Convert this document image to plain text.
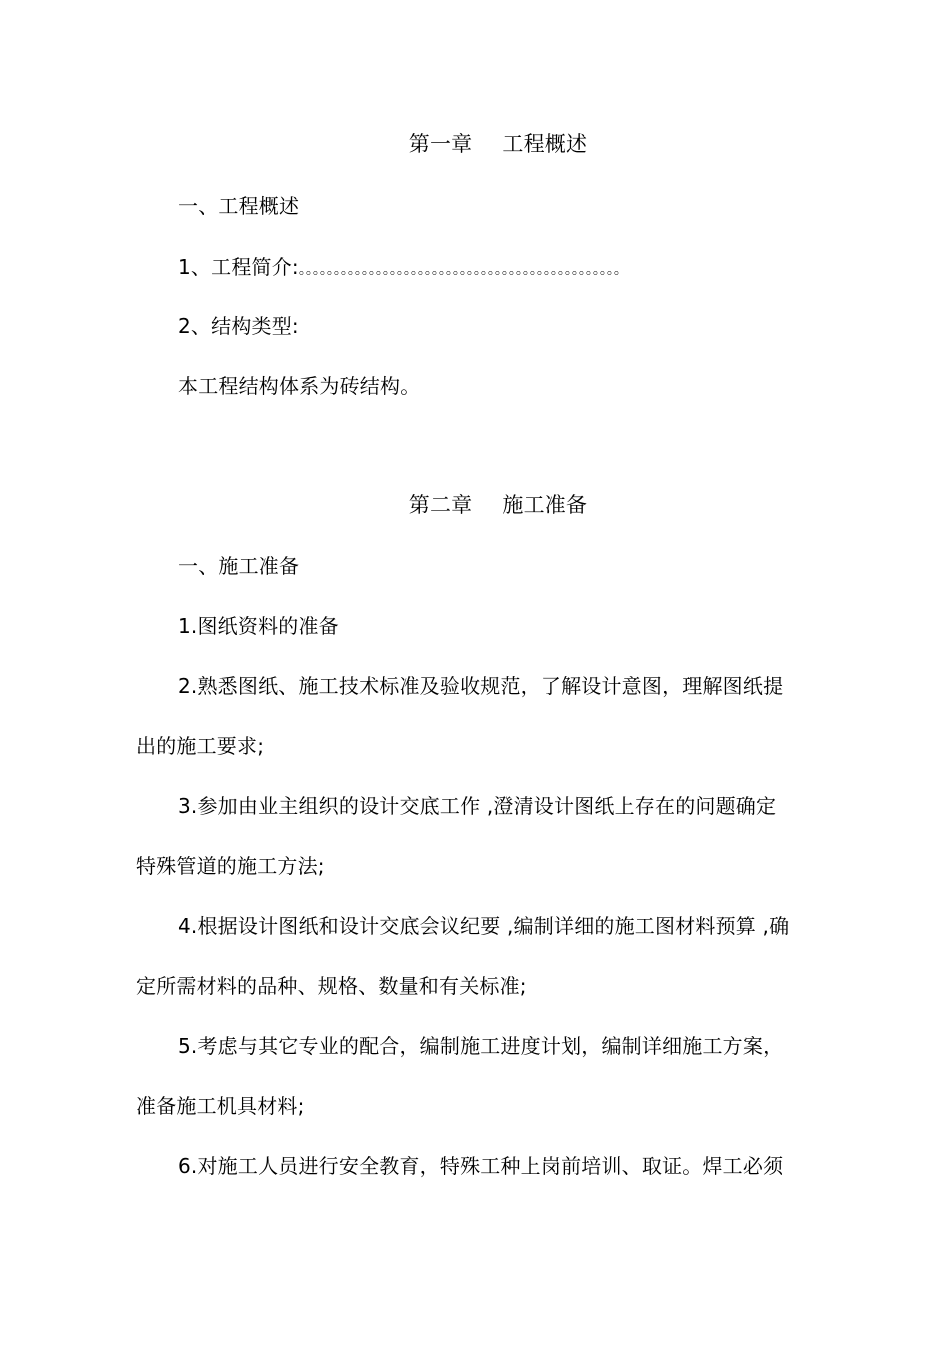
第一章 工程概述
一、工程概述
1、工程简介:。。。。。。。。。。。。。。。。。。。。。。。。。。。。。。。。。。。。。。。。。。。。。。
2、结构类型:
本工程结构体系为砖结构。
第二章 施工准备
一、施工准备
1.图纸资料的准备
2.熟悉图纸、施工技术标准及验收规范，了解设计意图，理解图纸提
出的施工要求;
3.参加由业主组织的设计交底工作 ,澄清设计图纸上存在的问题确定
特殊管道的施工方法;
4.根据设计图纸和设计交底会议纪要 ,编制详细的施工图材料预算 ,确
定所需材料的品种、规格、数量和有关标准;
5.考虑与其它专业的配合，编制施工进度计划，编制详细施工方案，
准备施工机具材料;
6.对施工人员进行安全教育，特殊工种上岗前培训、取证。焊工必须
